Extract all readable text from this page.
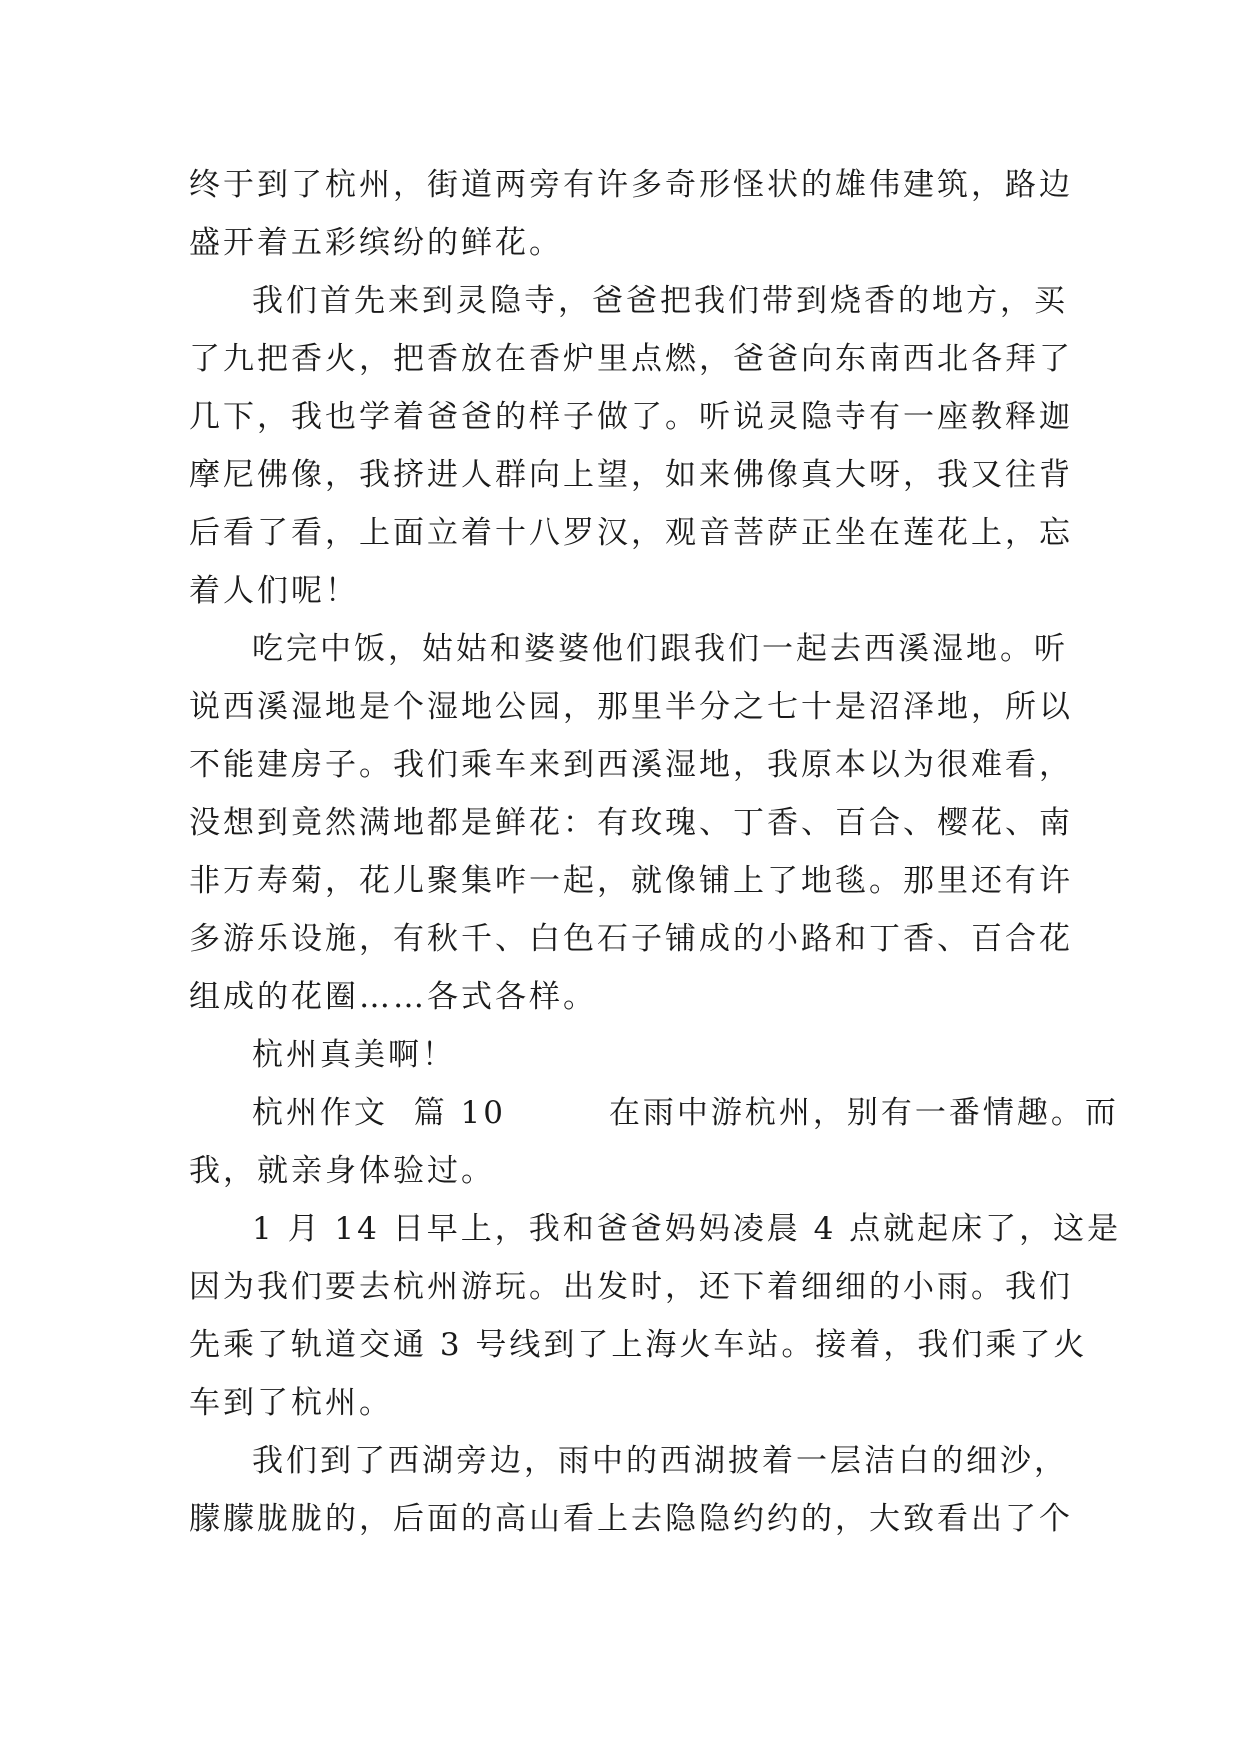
终于到了杭州，街道两旁有许多奇形怪状的雄伟建筑，路边
盛开着五彩缤纷的鲜花。
我们首先来到灵隐寺，爸爸把我们带到烧香的地方，买
了九把香火，把香放在香炉里点燃，爸爸向东南西北各拜了
几下，我也学着爸爸的样子做了。听说灵隐寺有一座教释迦
摩尼佛像，我挤进人群向上望，如来佛像真大呀，我又往背
后看了看，上面立着十八罗汉，观音菩萨正坐在莲花上，忘
着人们呢！
吃完中饭，姑姑和婆婆他们跟我们一起去西溪湿地。听
说西溪湿地是个湿地公园，那里半分之七十是沼泽地，所以
不能建房子。我们乘车来到西溪湿地，我原本以为很难看，
没想到竟然满地都是鲜花：有玫瑰、丁香、百合、樱花、南
非万寿菊，花儿聚集咋一起，就像铺上了地毯。那里还有许
多游乐设施，有秋千、白色石子铺成的小路和丁香、百合花
组成的花圈……各式各样。
杭州真美啊！
杭州作文  篇 10        在雨中游杭州，别有一番情趣。而
我，就亲身体验过。
1 月 14 日早上，我和爸爸妈妈凌晨 4 点就起床了，这是
因为我们要去杭州游玩。出发时，还下着细细的小雨。我们
先乘了轨道交通 3 号线到了上海火车站。接着，我们乘了火
车到了杭州。
我们到了西湖旁边，雨中的西湖披着一层洁白的细沙，
朦朦胧胧的，后面的高山看上去隐隐约约的，大致看出了个
